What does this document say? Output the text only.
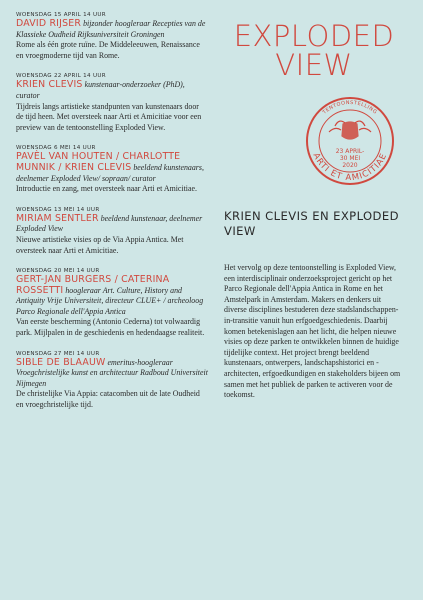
WOENSDAG 15 APRIL 14 UUR
DAVID RIJSER bijzonder hoogleraar Recepties van de Klassieke Oudheid Rijksuniversiteit Groningen
Rome als één grote ruïne. De Middeleeuwen, Renaissance en vroegmoderne tijd van Rome.
WOENSDAG 22 APRIL 14 UUR
KRIEN CLEVIS kunstenaar-onderzoeker (PhD), curator
Tijdreis langs artistieke standpunten van kunstenaars door de tijd heen. Met oversteek naar Arti et Amicitiae voor een preview van de tentoonstelling Exploded View.
WOENSDAG 6 MEI 14 UUR
PAVÈL VAN HOUTEN / CHARLOTTE MUNNIK / KRIEN CLEVIS beeldend kunstenaars, deelnemer Exploded View/ sopraan/ curator
Introductie en zang, met oversteek naar Arti et Amicitiae.
WOENSDAG 13 MEI 14 UUR
MIRIAM SENTLER beeldend kunstenaar, deelnemer Exploded View
Nieuwe artistieke visies op de Via Appia Antica. Met oversteek naar Arti et Amicitiae.
WOENSDAG 20 MEI 14 UUR
GERT-JAN BURGERS / CATERINA ROSSETTI hoogleraar Art. Culture, History and Antiquity Vrije Universiteit, directeur CLUE+ / archeoloog Parco Regionale dell'Appia Antica
Van eerste bescherming (Antonio Cederna) tot volwaardig park. Mijlpalen in de geschiedenis en hedendaagse realiteit.
WOENSDAG 27 MEI 14 UUR
SIBLE DE BLAAUW emeritus-hoogleraar Vroegchristelijke kunst en architectuur Radboud Universiteit Nijmegen
De christelijke Via Appia: catacomben uit de late Oudheid en vroegchristelijke tijd.
EXPLODED VIEW
TENTOONSTELLING
ARTI ET AMICITIAE
23 APRIL-
30 MEI
2020
KRIEN CLEVIS EN EXPLODED VIEW
Het vervolg op deze tentoonstelling is Exploded View, een interdisciplinair onderzoeksproject gericht op het Parco Regionale dell'Appia Antica in Rome en het Amstelpark in Amsterdam. Makers en denkers uit diverse disciplines bestuderen deze stadslandschappen-in-transitie vanuit hun erfgoedgeschiedenis. Daarbij komen betekenislagen aan het licht, die helpen nieuwe visies op deze parken te ontwikkelen binnen de huidige tijdelijke context. Het project brengt beeldend kunstenaars, ontwerpers, landschapshistorici en -architecten, erfgoedkundigen en stakeholders bijeen om samen met het publiek de parken te activeren voor de toekomst.
